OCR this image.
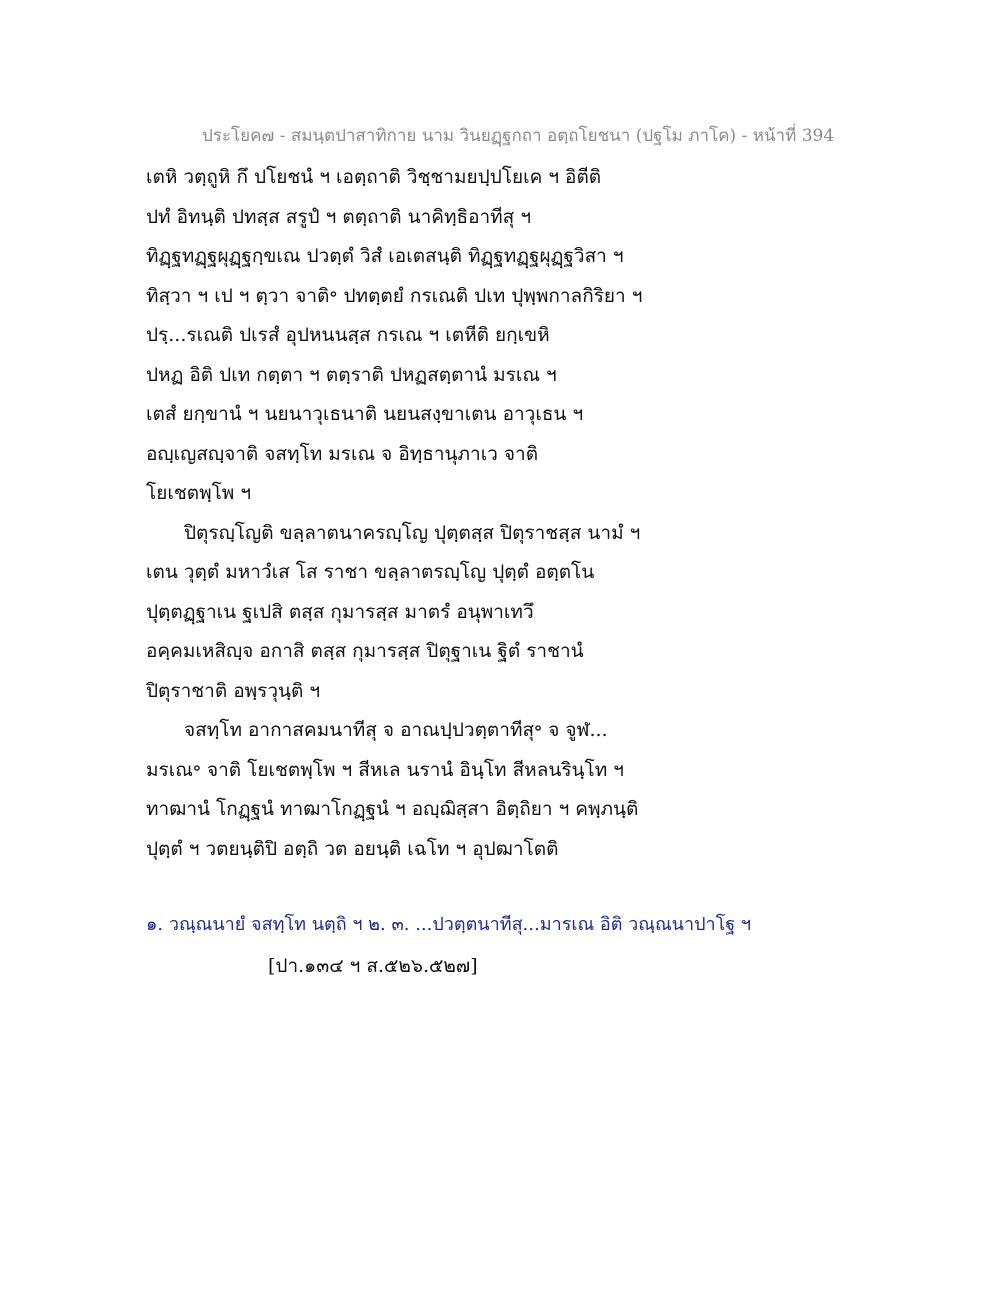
ประโยค๗ - สมนฺตปาสาทิกาย นาม วินยฏฺฐกถา อตฺถโยชนา (ปฐโม ภาโค) - หน้าที่ 394
เตหิ วตฺถูหิ กึ ปโยชนํ ฯ เอตฺถาติ วิชฺชามยปฺปโยเค ฯ อิตีติ
ปทํ อิทนฺติ ปทสฺส สรูปํ ฯ ตตฺถาติ นาคิทฺธิอาทีสุ ฯ
ทิฏฺฐทฏฺฐผุฏฺฐกฺขเณ ปวตฺตํ วิสํ เอเตสนฺติ ทิฏฺฐทฏฺฐผุฏฺฐวิสา ฯ
ทิสฺวา ฯ เป ฯ ตฺวา จาติ॰ ปทตฺตยํ กรเณติ ปเท ปุพฺพกาลกิริยา ฯ
ปรฺ...รเณติ ปเรสํ อุปหนนสฺส กรเณ ฯ เตหีติ ยกฺเขหิ
ปหฏ อิติ ปเท กตฺตา ฯ ตตฺราติ ปหฏสตฺตานํ มรเณ ฯ
เตสํ ยกฺขานํ ฯ นยนาวุเธนาติ นยนสงฺขาเตน อาวุเธน ฯ
อญฺเญสญฺจาติ จสทฺโท มรเณ จ อิทฺธานุภาเว จาติ
โยเชตพฺโพ ฯ
ปิตุรญฺโญติ ขลฺลาตนาครญฺโญ ปุตฺตสฺส ปิตุราชสฺส นามํ ฯ
เตน วุตฺตํ มหาวํเส โส ราชา ขลฺลาตรญฺโญ ปุตฺตํ อตฺตโน
ปุตฺตฏฺฐาเน ฐเปสิ ตสฺส กุมารสฺส มาตรํ อนุพาเทวึ
อคฺคมเหสิญฺจ อกาสิ ตสฺส กุมารสฺส ปิตุฐาเน ฐิตํ ราชานํ
ปิตุราชาติ อพฺรวุนฺติ ฯ
จสทฺโท อากาสคมนาทีสุ จ อาณปฺปวตฺตาทีสุ॰ จ จูฬ...
มรเณ॰ จาติ โยเชตพฺโพ ฯ สีหเล นรานํ อินฺโท สีหลนรินฺโท ฯ
ทาฒานํ โกฏฺฐนํ ทาฒาโกฏฺฐนํ ฯ อญฺฌิสฺสา อิตฺถิยา ฯ คพฺภนฺติ
ปุตฺตํ ฯ วตยนฺติปิ อตฺถิ วต อยนฺติ เฉโท ฯ อุปฒาโตติ
๑. วณฺณนายํ จสทฺโท นตฺถิ ฯ ๒. ๓. ...ปวตฺตนาทีสุ...มารเณ อิติ วณฺณนาปาโฐ ฯ
[ปา.๑๓๔ ฯ ส.๕๒๖.๕๒๗]
